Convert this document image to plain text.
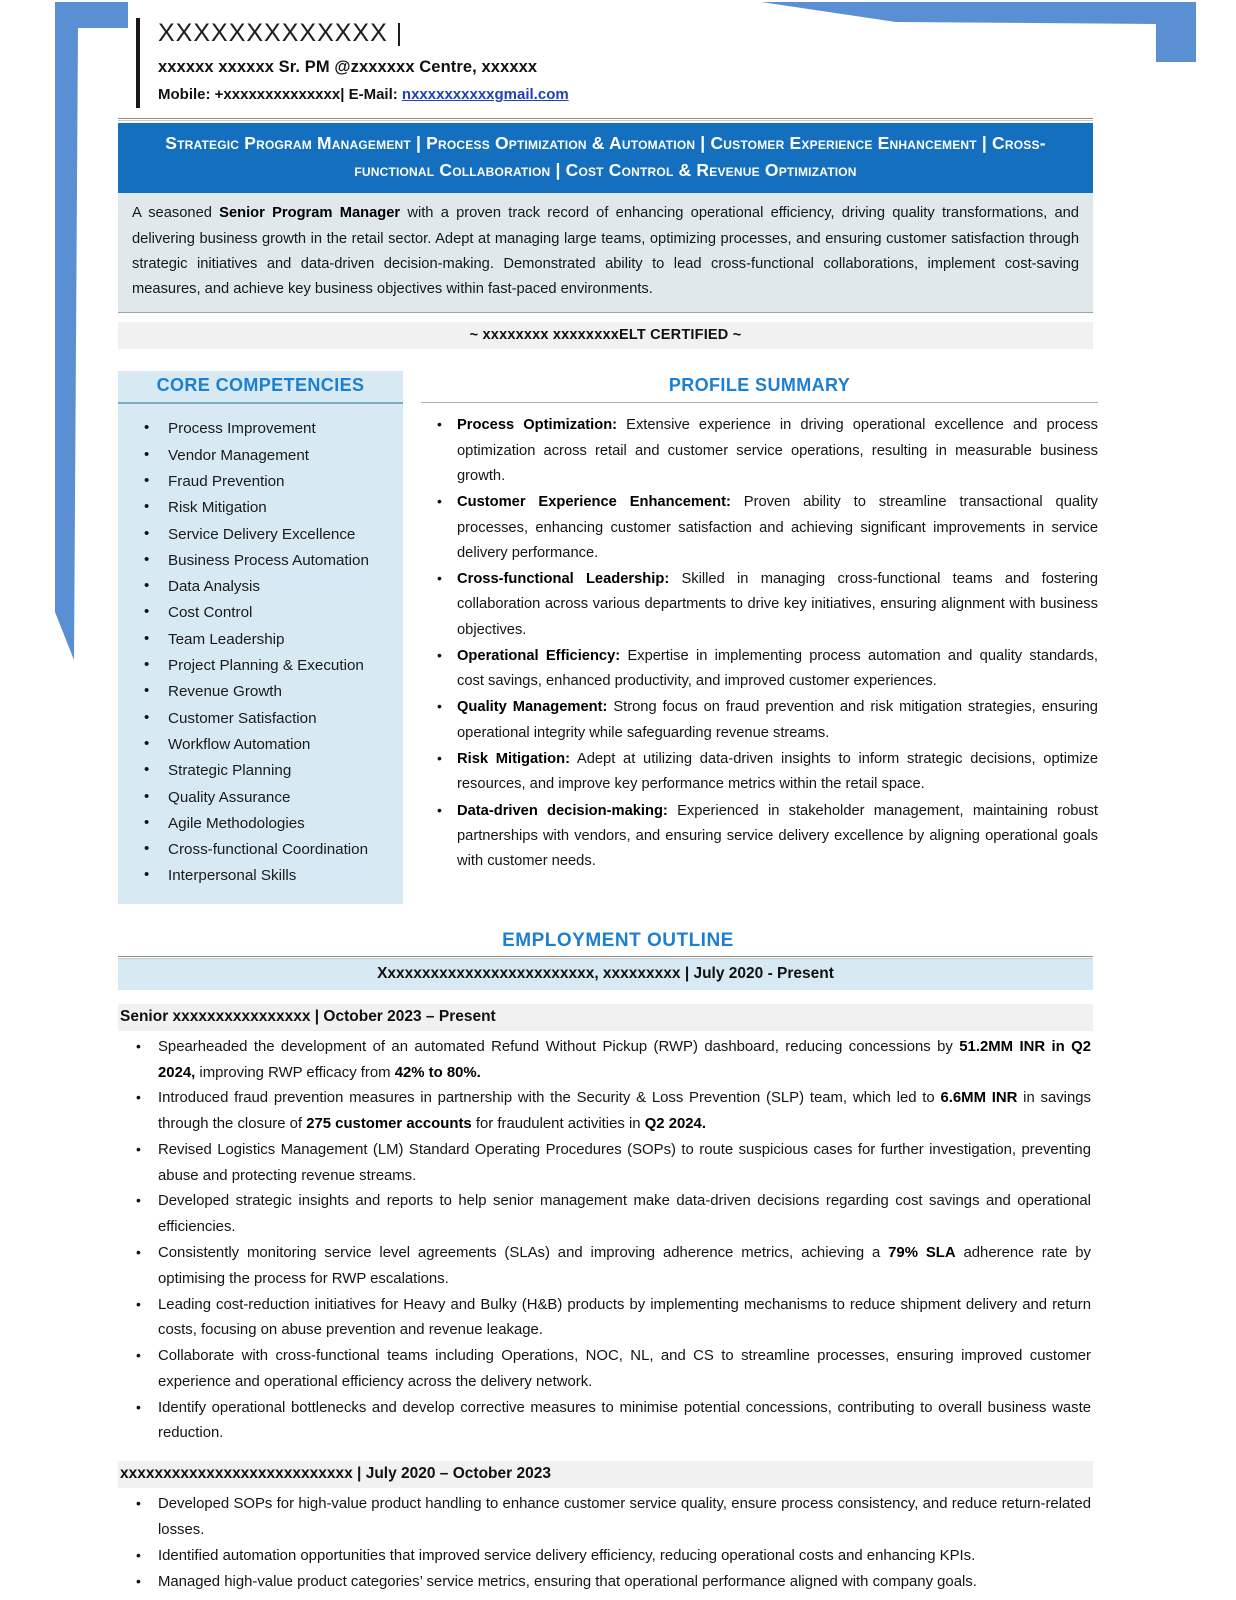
XXXXXXXXXXXXX |
xxxxxx xxxxxx Sr. PM @zxxxxxx Centre, xxxxxx
Mobile: +xxxxxxxxxxxxxx| E-Mail: nxxxxxxxxxxgmail.com
Strategic Program Management | Process Optimization & Automation | Customer Experience Enhancement | Cross-functional Collaboration | Cost Control & Revenue Optimization
A seasoned Senior Program Manager with a proven track record of enhancing operational efficiency, driving quality transformations, and delivering business growth in the retail sector. Adept at managing large teams, optimizing processes, and ensuring customer satisfaction through strategic initiatives and data-driven decision-making. Demonstrated ability to lead cross-functional collaborations, implement cost-saving measures, and achieve key business objectives within fast-paced environments.
~ xxxxxxxx xxxxxxxxELT CERTIFIED ~
CORE COMPETENCIES
• Process Improvement
• Vendor Management
• Fraud Prevention
• Risk Mitigation
• Service Delivery Excellence
• Business Process Automation
• Data Analysis
• Cost Control
• Team Leadership
• Project Planning & Execution
• Revenue Growth
• Customer Satisfaction
• Workflow Automation
• Strategic Planning
• Quality Assurance
• Agile Methodologies
• Cross-functional Coordination
• Interpersonal Skills
PROFILE SUMMARY
• Process Optimization: Extensive experience in driving operational excellence and process optimization across retail and customer service operations, resulting in measurable business growth.
• Customer Experience Enhancement: Proven ability to streamline transactional quality processes, enhancing customer satisfaction and achieving significant improvements in service delivery performance.
• Cross-functional Leadership: Skilled in managing cross-functional teams and fostering collaboration across various departments to drive key initiatives, ensuring alignment with business objectives.
• Operational Efficiency: Expertise in implementing process automation and quality standards, cost savings, enhanced productivity, and improved customer experiences.
• Quality Management: Strong focus on fraud prevention and risk mitigation strategies, ensuring operational integrity while safeguarding revenue streams.
• Risk Mitigation: Adept at utilizing data-driven insights to inform strategic decisions, optimize resources, and improve key performance metrics within the retail space.
• Data-driven decision-making: Experienced in stakeholder management, maintaining robust partnerships with vendors, and ensuring service delivery excellence by aligning operational goals with customer needs.
EMPLOYMENT OUTLINE
Xxxxxxxxxxxxxxxxxxxxxxxxx, xxxxxxxxx | July 2020 - Present
Senior xxxxxxxxxxxxxxxx | October 2023 – Present
• Spearheaded the development of an automated Refund Without Pickup (RWP) dashboard, reducing concessions by 51.2MM INR in Q2 2024, improving RWP efficacy from 42% to 80%.
• Introduced fraud prevention measures in partnership with the Security & Loss Prevention (SLP) team, which led to 6.6MM INR in savings through the closure of 275 customer accounts for fraudulent activities in Q2 2024.
• Revised Logistics Management (LM) Standard Operating Procedures (SOPs) to route suspicious cases for further investigation, preventing abuse and protecting revenue streams.
• Developed strategic insights and reports to help senior management make data-driven decisions regarding cost savings and operational efficiencies.
• Consistently monitoring service level agreements (SLAs) and improving adherence metrics, achieving a 79% SLA adherence rate by optimising the process for RWP escalations.
• Leading cost-reduction initiatives for Heavy and Bulky (H&B) products by implementing mechanisms to reduce shipment delivery and return costs, focusing on abuse prevention and revenue leakage.
• Collaborate with cross-functional teams including Operations, NOC, NL, and CS to streamline processes, ensuring improved customer experience and operational efficiency across the delivery network.
• Identify operational bottlenecks and develop corrective measures to minimise potential concessions, contributing to overall business waste reduction.
xxxxxxxxxxxxxxxxxxxxxxxxxxx | July 2020 – October 2023
• Developed SOPs for high-value product handling to enhance customer service quality, ensure process consistency, and reduce return-related losses.
• Identified automation opportunities that improved service delivery efficiency, reducing operational costs and enhancing KPIs.
• Managed high-value product categories’ service metrics, ensuring that operational performance aligned with company goals.
